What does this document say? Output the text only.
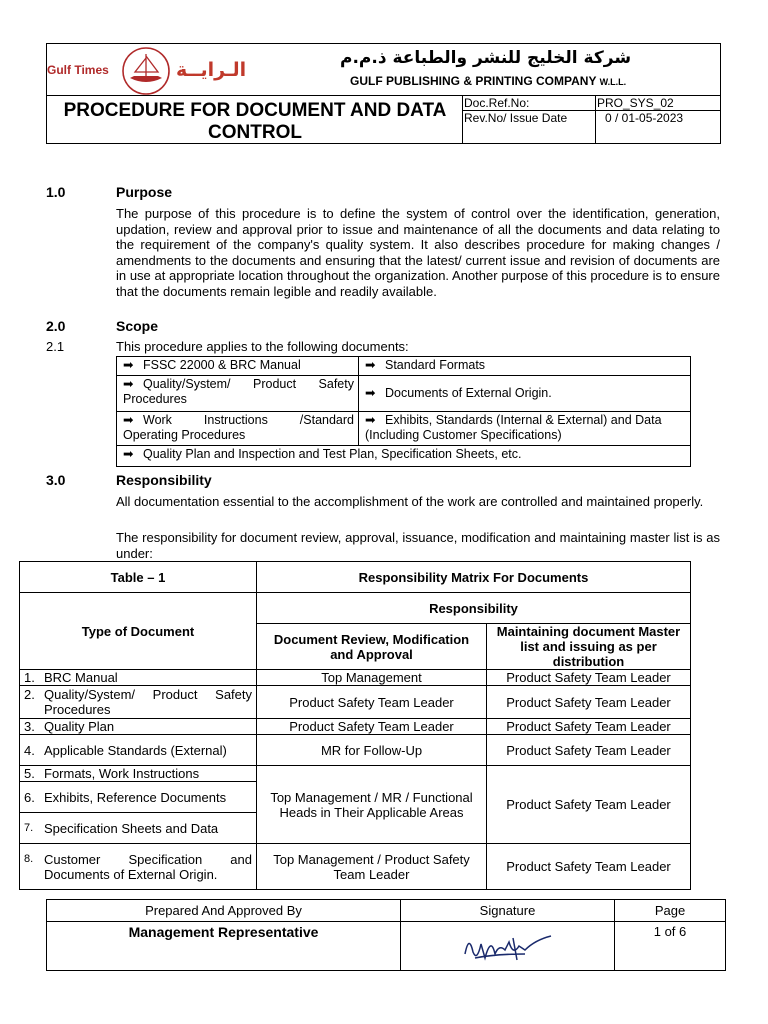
Gulf Times	الـرايــة
شركة الخليج للنشر والطباعة ذ.م.م
GULF PUBLISHING & PRINTING COMPANY W.L.L.
PROCEDURE FOR DOCUMENT AND DATA CONTROL
Doc.Ref.No:	PRO_SYS_02
Rev.No/ Issue Date	0 / 01-05-2023
1.0	Purpose
The purpose of this procedure is to define the system of control over the identification, generation, updation, review and approval prior to issue and maintenance of all the documents and data relating to the requirement of the company's quality system. It also describes procedure for making changes / amendments to the documents and ensuring that the latest/ current issue and revision of documents are in use at appropriate location throughout the organization. Another purpose of this procedure is to ensure that the documents remain legible and readily available.
2.0	Scope
2.1	This procedure applies to the following documents:
➡ FSSC 22000 & BRC Manual	➡ Standard Formats
➡ Quality/System/ Product Safety Procedures	➡ Documents of External Origin.
➡ Work Instructions /Standard Operating Procedures	➡ Exhibits, Standards (Internal & External) and Data (Including Customer Specifications)
➡ Quality Plan and Inspection and Test Plan, Specification Sheets, etc.	
3.0	Responsibility
All documentation essential to the accomplishment of the work are controlled and maintained properly.
The responsibility for document review, approval, issuance, modification and maintaining master list is as under:
Table – 1	Responsibility Matrix For Documents	
Type of Document	Responsibility	
	Document Review, Modification and Approval	Maintaining document Master list and issuing as per distribution
1. BRC Manual	Top Management	Product Safety Team Leader

2. Quality/System/ Product Safety Procedures	Product Safety Team Leader	Product Safety Team Leader
3. Quality Plan	Product Safety Team Leader	Product Safety Team Leader

4. Applicable Standards (External)	MR for Follow-Up	Product Safety Team Leader
5. Formats, Work Instructions	Top Management / MR / Functional Heads in Their Applicable Areas	Product Safety Team Leader

6. Exhibits, Reference Documents		

7. Specification Sheets and Data		

8. Customer Specification and Documents of External Origin.	Top Management / Product Safety Team Leader	Product Safety Team Leader
Prepared And Approved By	Signature	Page
Management Representative		1 of 6
